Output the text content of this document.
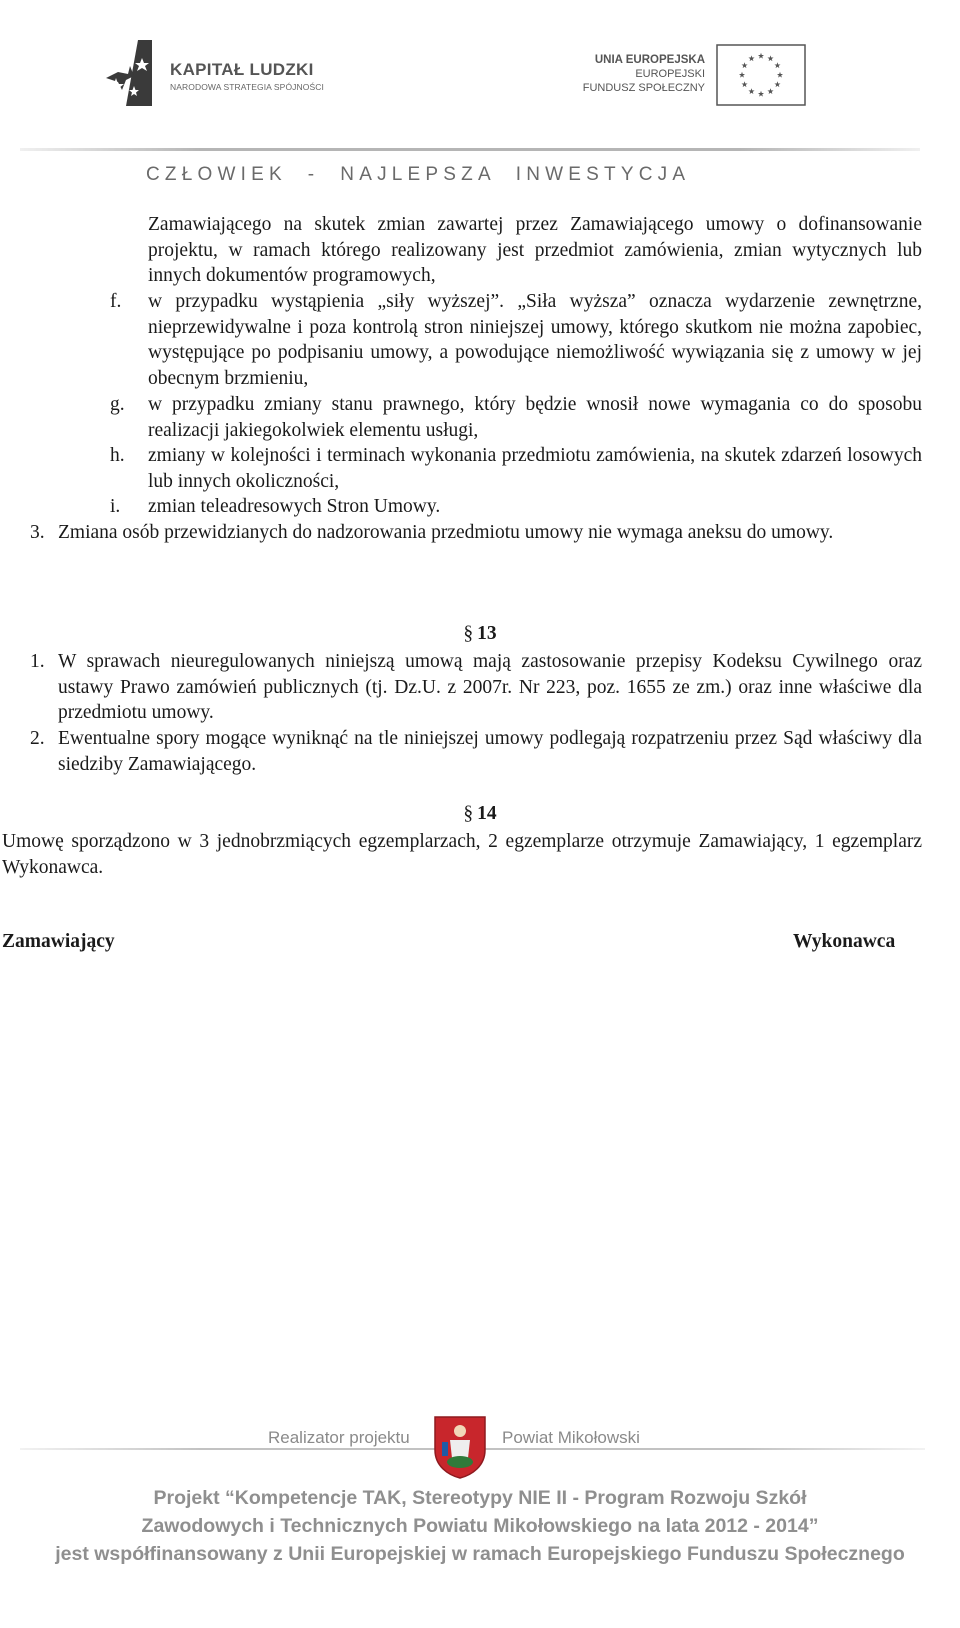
KAPITAŁ LUDZKI
NARODOWA STRATEGIA SPÓJNOŚCI
UNIA EUROPEJSKA
EUROPEJSKI
FUNDUSZ SPOŁECZNY
CZŁOWIEK  -  NAJLEPSZA  INWESTYCJA
Zamawiającego na skutek zmian zawartej przez Zamawiającego umowy o dofinansowanie projektu, w ramach którego realizowany jest przedmiot zamówienia, zmian wytycznych lub innych dokumentów programowych,
f.	w przypadku wystąpienia „siły wyższej”. „Siła wyższa” oznacza wydarzenie zewnętrzne, nieprzewidywalne i poza kontrolą stron niniejszej umowy, którego skutkom nie można zapobiec, występujące po podpisaniu umowy, a powodujące niemożliwość wywiązania się z umowy w jej obecnym brzmieniu,
g.	w przypadku zmiany stanu prawnego, który będzie wnosił nowe wymagania co do sposobu realizacji jakiegokolwiek elementu usługi,
h.	zmiany w kolejności i terminach wykonania przedmiotu zamówienia, na skutek zdarzeń losowych lub innych okoliczności,
i.	zmian teleadresowych Stron Umowy.
3. Zmiana osób przewidzianych do nadzorowania przedmiotu umowy nie wymaga aneksu do umowy.
§ 13
1. W sprawach nieuregulowanych niniejszą umową mają zastosowanie przepisy Kodeksu Cywilnego oraz ustawy Prawo zamówień publicznych (tj. Dz.U. z 2007r. Nr 223, poz. 1655 ze zm.) oraz inne właściwe dla przedmiotu umowy.
2. Ewentualne spory mogące wyniknąć na tle niniejszej umowy podlegają rozpatrzeniu przez Sąd właściwy dla siedziby Zamawiającego.
§ 14
Umowę sporządzono w 3 jednobrzmiących egzemplarzach, 2 egzemplarze otrzymuje Zamawiający, 1 egzemplarz Wykonawca.
Zamawiający	Wykonawca
Realizator projektu	Powiat Mikołowski
Projekt “Kompetencje TAK, Stereotypy NIE II - Program Rozwoju Szkół
Zawodowych i Technicznych Powiatu Mikołowskiego na lata 2012 - 2014”
jest współfinansowany z Unii Europejskiej w ramach Europejskiego Funduszu Społecznego
